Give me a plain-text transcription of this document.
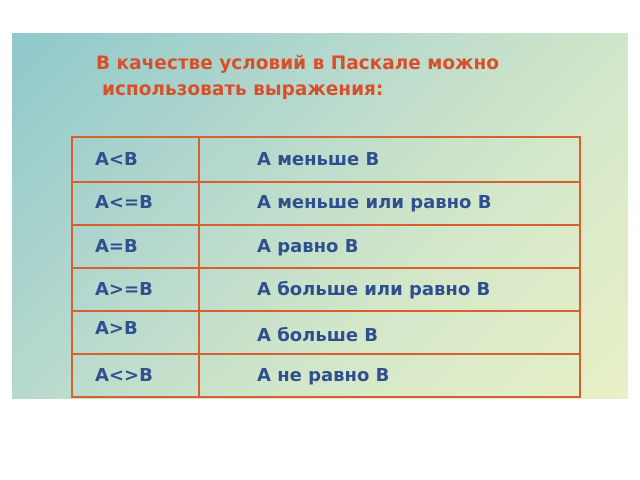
В качестве условий в Паскале можно
использовать выражения:
A<B	А меньше В
A<=B	А меньше или равно В
A=B	А равно В
A>=B	А больше или равно В
A>B	А больше В
A<>B	А не равно В
